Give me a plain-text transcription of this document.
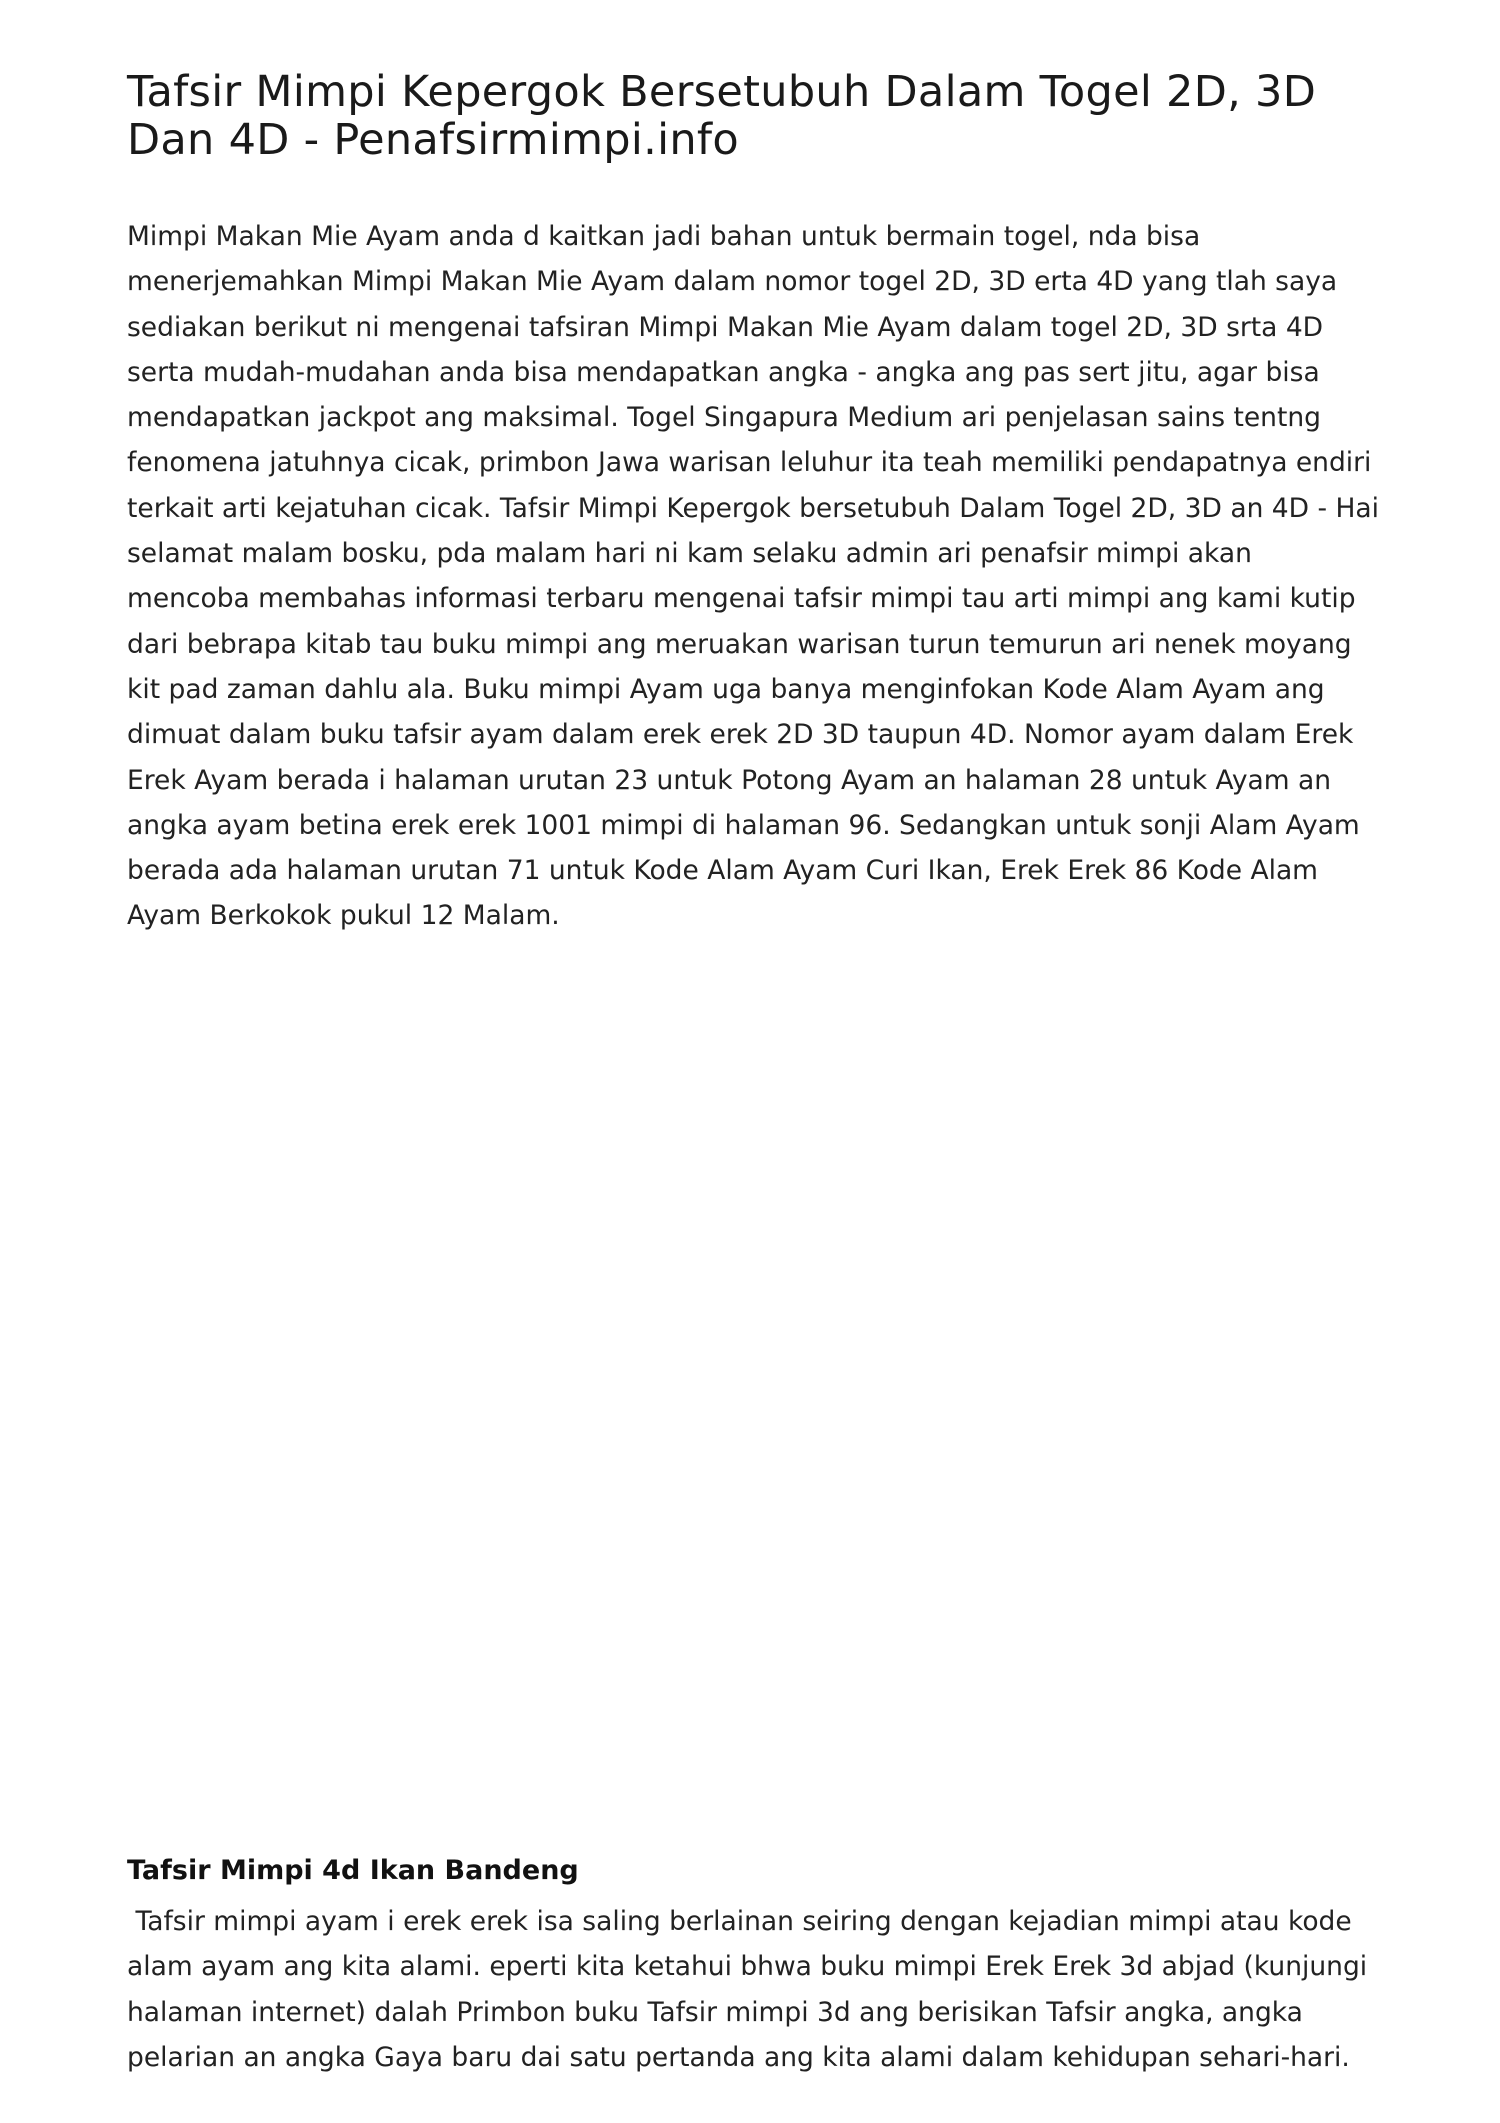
Tafsir Mimpi Kepergok Bersetubuh Dalam Togel 2D, 3D Dan 4D - Penafsirmimpi.info

Mimpi Makan Mie Ayam anda d kaitkan jadi bahan untuk bermain togel, nda bisa menerjemahkan Mimpi Makan Mie Ayam dalam nomor togel 2D, 3D erta 4D yang tlah saya sediakan berikut ni mengenai tafsiran Mimpi Makan Mie Ayam dalam togel 2D, 3D srta 4D serta mudah-mudahan anda bisa mendapatkan angka - angka ang pas sert jitu, agar bisa mendapatkan jackpot ang maksimal. Togel Singapura Medium ari penjelasan sains tentng fenomena jatuhnya cicak, primbon Jawa warisan leluhur ita teah memiliki pendapatnya endiri terkait arti kejatuhan cicak. Tafsir Mimpi Kepergok bersetubuh Dalam Togel 2D, 3D an 4D - Hai selamat malam bosku, pda malam hari ni kam selaku admin ari penafsir mimpi akan mencoba membahas informasi terbaru mengenai tafsir mimpi tau arti mimpi ang kami kutip dari bebrapa kitab tau buku mimpi ang meruakan warisan turun temurun ari nenek moyang kit pad zaman dahlu ala. Buku mimpi Ayam uga banya menginfokan Kode Alam Ayam ang dimuat dalam buku tafsir ayam dalam erek erek 2D 3D taupun 4D. Nomor ayam dalam Erek Erek Ayam berada i halaman urutan 23 untuk Potong Ayam an halaman 28 untuk Ayam an angka ayam betina erek erek 1001 mimpi di halaman 96. Sedangkan untuk sonji Alam Ayam berada ada halaman urutan 71 untuk Kode Alam Ayam Curi Ikan, Erek Erek 86 Kode Alam Ayam Berkokok pukul 12 Malam.

Tafsir Mimpi 4d Ikan Bandeng

Tafsir mimpi ayam i erek erek isa saling berlainan seiring dengan kejadian mimpi atau kode alam ayam ang kita alami. eperti kita ketahui bhwa buku mimpi Erek Erek 3d abjad (kunjungi halaman internet) dalah Primbon buku Tafsir mimpi 3d ang berisikan Tafsir angka, angka pelarian an angka Gaya baru dai satu pertanda ang kita alami dalam kehidupan sehari-hari.
